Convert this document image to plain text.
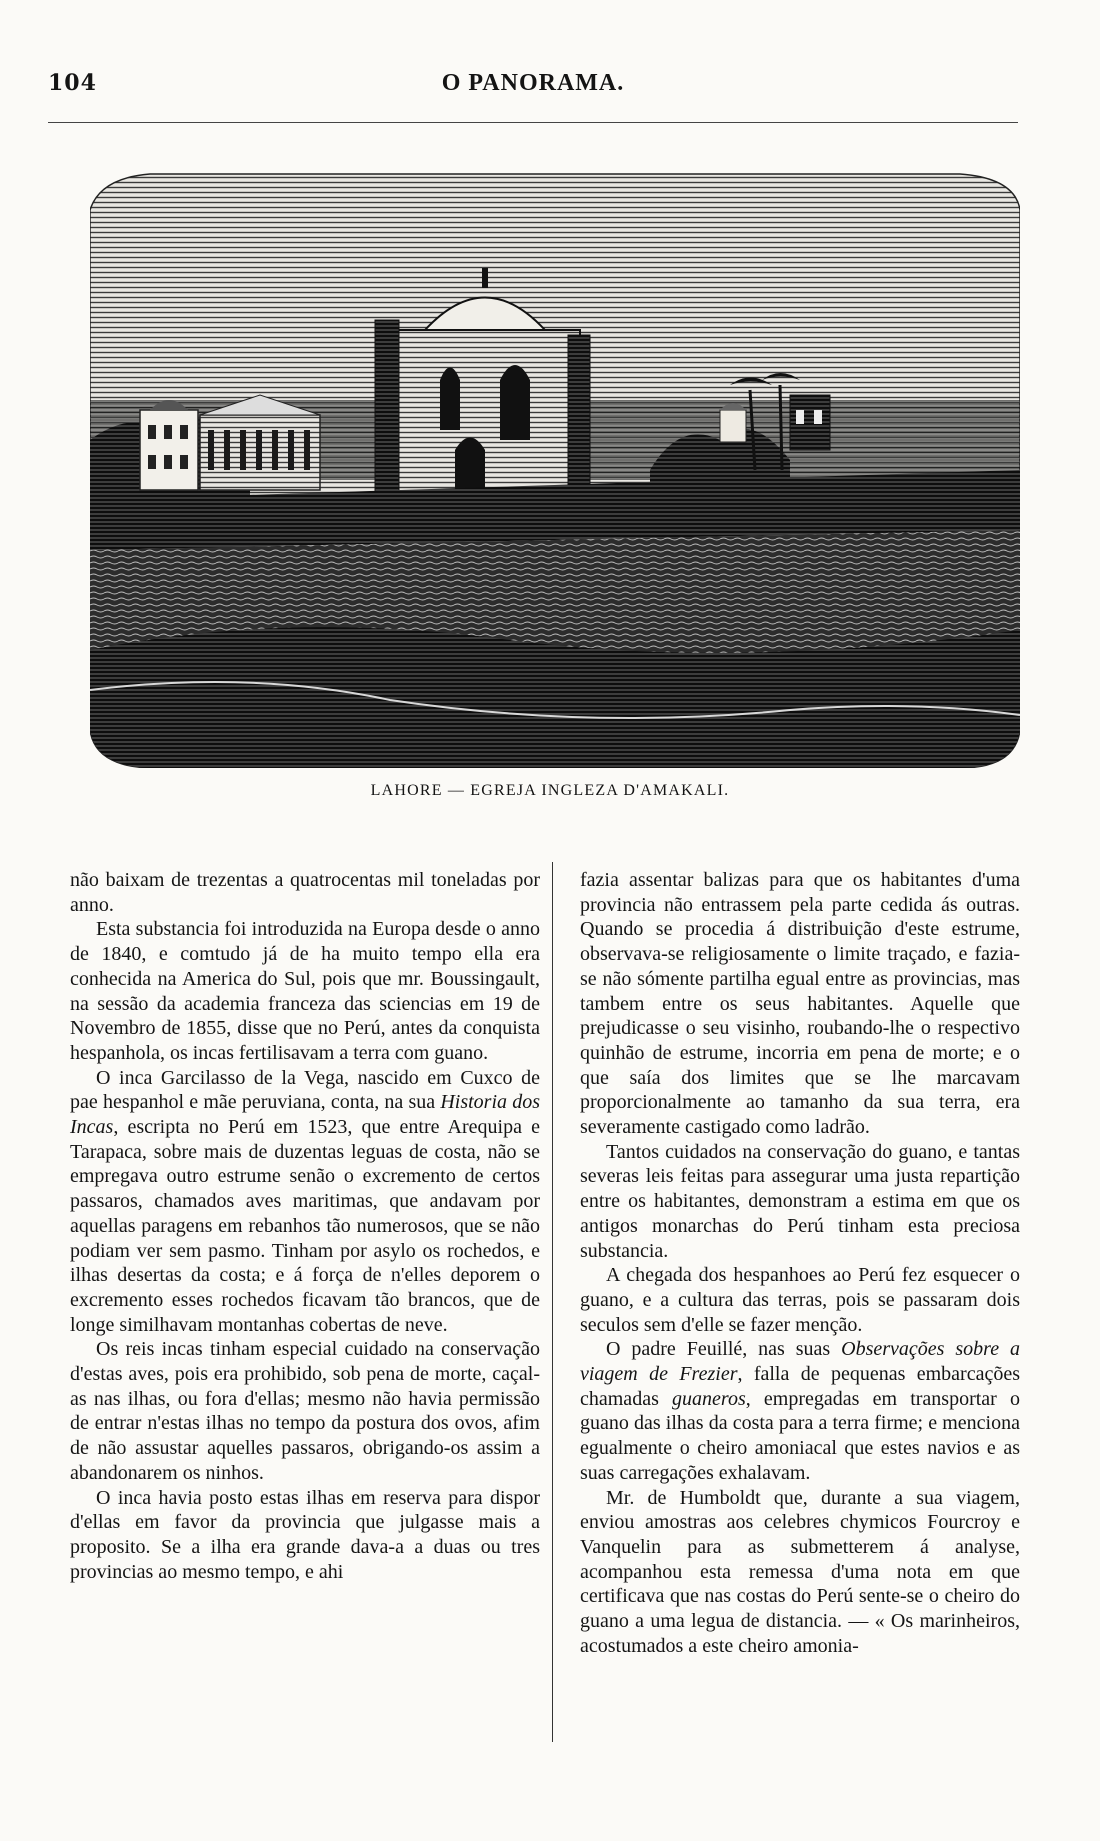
104	O PANORAMA.
LAHORE — EGREJA INGLEZA D'AMAKALI.

não baixam de trezentas a quatrocentas mil toneladas por anno.

Esta substancia foi introduzida na Europa desde o anno de 1840, e comtudo já de ha muito tempo ella era conhecida na America do Sul, pois que mr. Boussingault, na sessão da academia franceza das sciencias em 19 de Novembro de 1855, disse que no Perú, antes da conquista hespanhola, os incas fertilisavam a terra com guano.

O inca Garcilasso de la Vega, nascido em Cuxco de pae hespanhol e mãe peruviana, conta, na sua Historia dos Incas, escripta no Perú em 1523, que entre Arequipa e Tarapaca, sobre mais de duzentas leguas de costa, não se empregava outro estrume senão o excremento de certos passaros, chamados aves maritimas, que andavam por aquellas paragens em rebanhos tão numerosos, que se não podiam ver sem pasmo. Tinham por asylo os rochedos, e ilhas desertas da costa; e á força de n'elles deporem o excremento esses rochedos ficavam tão brancos, que de longe similhavam montanhas cobertas de neve.

Os reis incas tinham especial cuidado na conservação d'estas aves, pois era prohibido, sob pena de morte, caçal-as nas ilhas, ou fora d'ellas; mesmo não havia permissão de entrar n'estas ilhas no tempo da postura dos ovos, afim de não assustar aquelles passaros, obrigando-os assim a abandonarem os ninhos.

O inca havia posto estas ilhas em reserva para dispor d'ellas em favor da provincia que julgasse mais a proposito. Se a ilha era grande dava-a a duas ou tres provincias ao mesmo tempo, e ahi

fazia assentar balizas para que os habitantes d'uma provincia não entrassem pela parte cedida ás outras. Quando se procedia á distribuição d'este estrume, observava-se religiosamente o limite traçado, e fazia-se não sómente partilha egual entre as provincias, mas tambem entre os seus habitantes. Aquelle que prejudicasse o seu visinho, roubando-lhe o respectivo quinhão de estrume, incorria em pena de morte; e o que saía dos limites que se lhe marcavam proporcionalmente ao tamanho da sua terra, era severamente castigado como ladrão.

Tantos cuidados na conservação do guano, e tantas severas leis feitas para assegurar uma justa repartição entre os habitantes, demonstram a estima em que os antigos monarchas do Perú tinham esta preciosa substancia.

A chegada dos hespanhoes ao Perú fez esquecer o guano, e a cultura das terras, pois se passaram dois seculos sem d'elle se fazer menção.

O padre Feuillé, nas suas Observações sobre a viagem de Frezier, falla de pequenas embarcações chamadas guaneros, empregadas em transportar o guano das ilhas da costa para a terra firme; e menciona egualmente o cheiro amoniacal que estes navios e as suas carregações exhalavam.

Mr. de Humboldt que, durante a sua viagem, enviou amostras aos celebres chymicos Fourcroy e Vanquelin para as submetterem á analyse, acompanhou esta remessa d'uma nota em que certificava que nas costas do Perú sente-se o cheiro do guano a uma legua de distancia. — « Os marinheiros, acostumados a este cheiro amonia-
